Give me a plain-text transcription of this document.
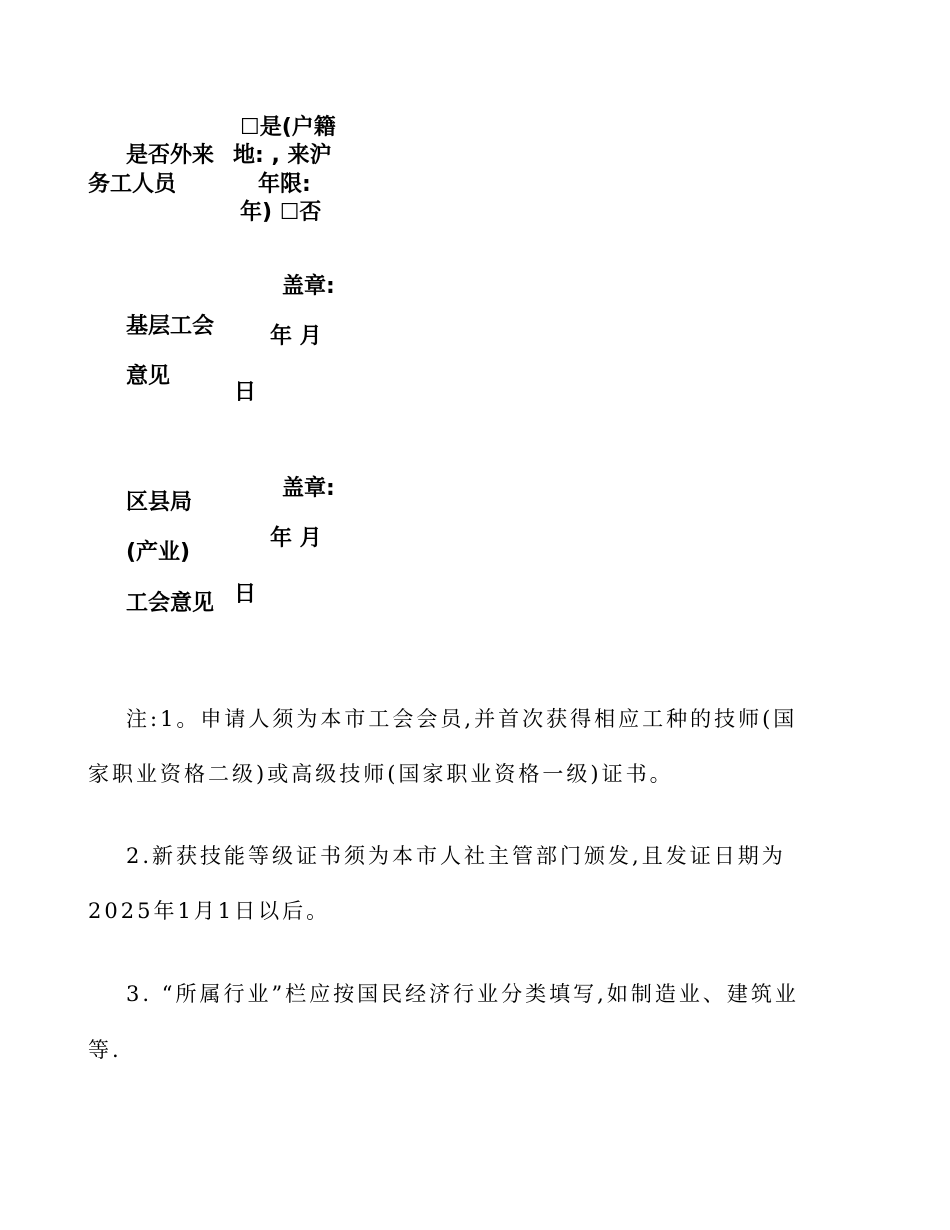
是否外来
务工人员
☐是(户籍
地: , 来沪
年限:
年) ☐否
盖章:
基层工会	年 月
意见
日
盖章:
区县局
年 月
(产业)
日
工会意见
注:1。申请人须为本市工会会员,并首次获得相应工种的技师(国
家职业资格二级)或高级技师(国家职业资格一级)证书。
2.新获技能等级证书须为本市人社主管部门颁发,且发证日期为
2025年1月1日以后。
3. “所属行业”栏应按国民经济行业分类填写,如制造业、建筑业
等.
